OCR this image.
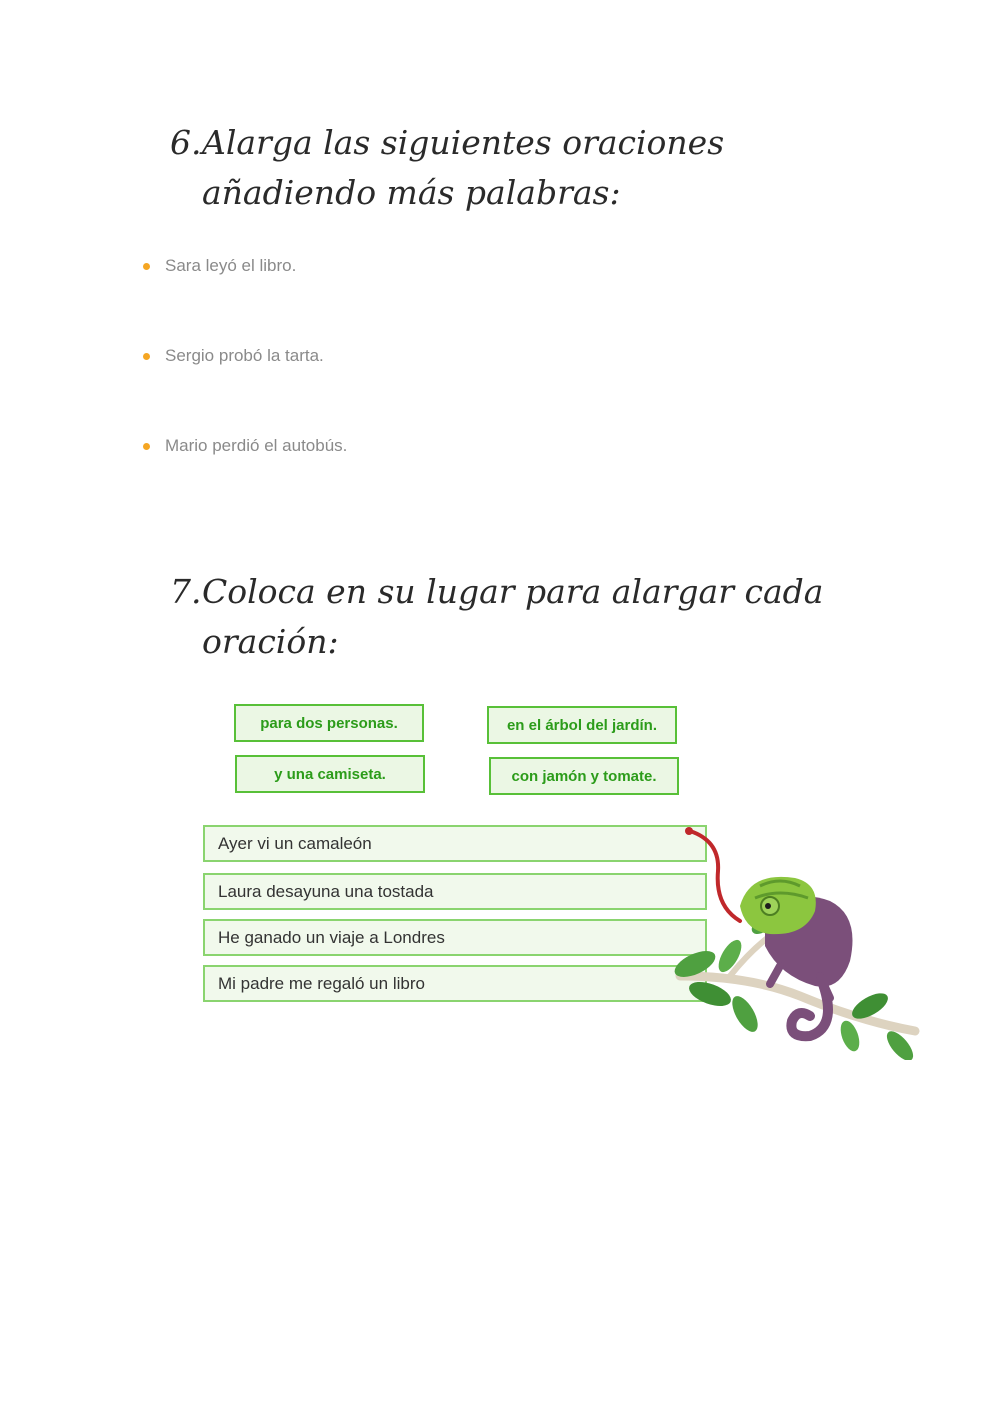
6.Alarga las siguientes oraciones
añadiendo más palabras:
Sara leyó el libro.
Sergio probó la tarta.
Mario perdió el autobús.
7.Coloca en su lugar para alargar cada
oración:
para dos personas.	en el árbol del jardín.
y una camiseta.	con jamón y tomate.
Ayer vi un camaleón
Laura desayuna una tostada
He ganado un viaje a Londres
Mi padre me regaló un libro
